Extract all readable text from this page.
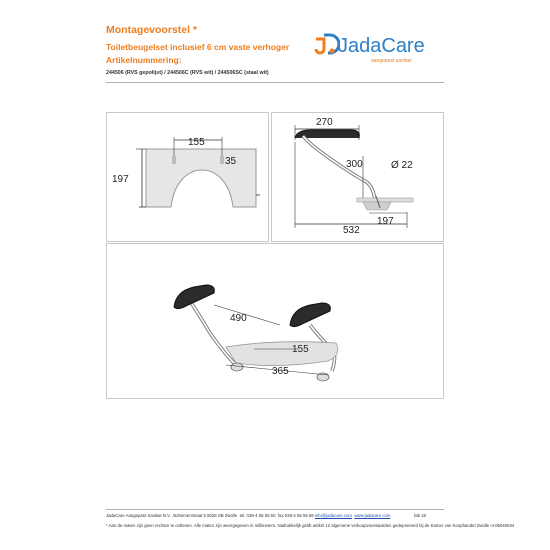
Montagevoorstel *
Toiletbeugelset inclusief 6 cm vaste verhoger
Artikelnummering:
244506 (RVS gepolijst) / 244506C (RVS wit) / 244506SC (staal wit)
JadaCare
aangepast sanitair
155
35
197
270
300	Ø 22
197
532
490
155
365
JadaCare Aangepast Sanitair B.V. Bohemenstraat 5 8028 SB Zwolle tel. 038-4 55 55 60 fax 038-4 55 55 69 info@jadacare.com www.jadacare.com	fab 18
* Aan de maten zijn geen rechten te ontlenen. Alle maten zijn weergegeven in millimeters. Nadrukkelijk geldt artikel 12 algemene verkoopvoorwaarden gedeponeerd bij de Kamer van Koophandel Zwolle nr.05046034
